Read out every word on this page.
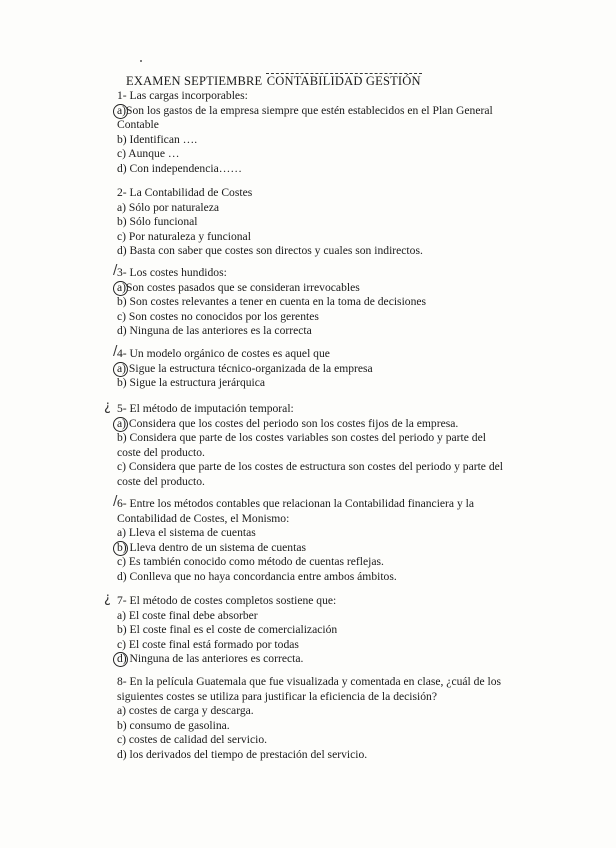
EXAMEN SEPTIEMBRE CONTABILIDAD GESTIÓN
1- Las cargas incorporables:
a)Son los gastos de la empresa siempre que estén establecidos en el Plan General
Contable
b) Identifican ….
c) Aunque …
d) Con independencia……
2- La Contabilidad de Costes
a) Sólo por naturaleza
b) Sólo funcional
c) Por naturaleza y funcional
d) Basta con saber que costes son directos y cuales son indirectos.
/ 3- Los costes hundidos:
a)Son costes pasados que se consideran irrevocables
b) Son costes relevantes a tener en cuenta en la toma de decisiones
c) Son costes no conocidos por los gerentes
d) Ninguna de las anteriores es la correcta
/ 4- Un modelo orgánico de costes es aquel que
a) Sigue la estructura técnico-organizada de la empresa
b) Sigue la estructura jerárquica
¿ 5- El método de imputación temporal:
a) Considera que los costes del periodo son los costes fijos de la empresa.
b) Considera que parte de los costes variables son costes del periodo y parte del coste del producto.
c) Considera que parte de los costes de estructura son costes del periodo y parte del coste del producto.
/ 6- Entre los métodos contables que relacionan la Contabilidad financiera y la Contabilidad de Costes, el Monismo:
a) Lleva el sistema de cuentas
b) Lleva dentro de un sistema de cuentas
c) Es también conocido como método de cuentas reflejas.
d) Conlleva que no haya concordancia entre ambos ámbitos.
¿ 7- El método de costes completos sostiene que:
a) El coste final debe absorber
b) El coste final es el coste de comercialización
c) El coste final está formado por todas
d) Ninguna de las anteriores es correcta.
8- En la película Guatemala que fue visualizada y comentada en clase, ¿cuál de los siguientes costes se utiliza para justificar la eficiencia de la decisión?
a) costes de carga y descarga.
b) consumo de gasolina.
c) costes de calidad del servicio.
d) los derivados del tiempo de prestación del servicio.
